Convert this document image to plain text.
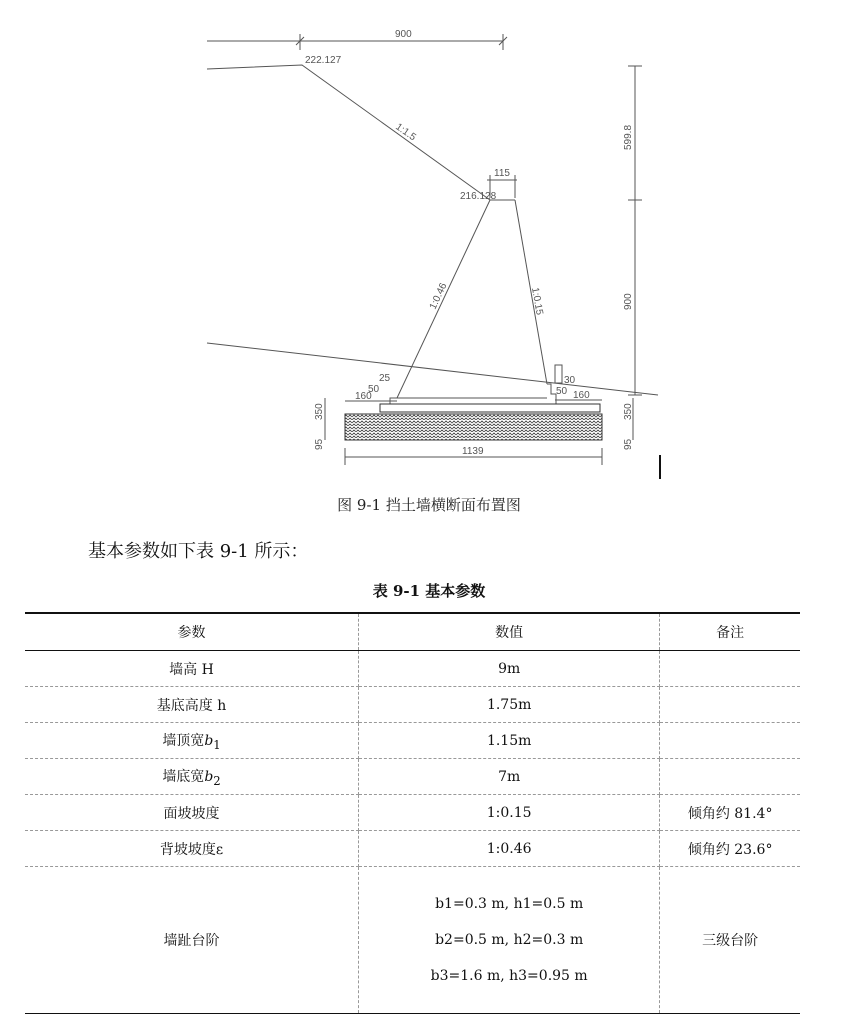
900
222.127
1:1.5
115
216.128
1:0.46	1:0.15
599.8
900
25
50
160
30
50 160
350
95
350
95
1139
图 9-1 挡土墙横断面布置图
基本参数如下表 9-1 所示：
表 9-1 基本参数
参数	数值	备注
墙高 H	9m	
基底高度 h	1.75m	
墙顶宽$b_1$	1.15m	
墙底宽$b_2$	7m	
面坡坡度	1:0.15	倾角约 81.4°
背坡坡度ε	1:0.46	倾角约 23.6°
墙趾台阶	b1=0.3 m, h1=0.5 m
b2=0.5 m, h2=0.3 m
b3=1.6 m, h3=0.95 m	三级台阶
